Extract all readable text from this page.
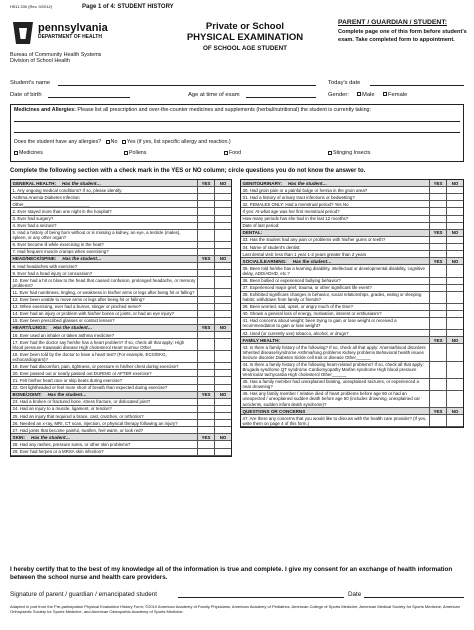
H511.330 (Rev. 9/2012)	Page 1 of 4: STUDENT HISTORY
pennsylvania
DEPARTMENT OF HEALTH
Bureau of Community Health Systems
Division of School Health
Private or School
PHYSICAL EXAMINATION
OF SCHOOL AGE STUDENT
PARENT / GUARDIAN / STUDENT:
Complete page one of this form before student's exam. Take completed form to appointment.
Student's name	Today's date
Date of birth	Age at time of exam	Gender:	Male	Female
Medicines and Allergies: Please list all prescription and over-the-counter medicines and supplements (herbal/nutritional) the student is currently taking:

Does the student have any allergies? No Yes (if yes, list specific allergy and reaction.)
Medicines	Pollens	Food	Stinging Insects
Complete the following section with a check mark in the YES or NO column; circle questions you do not know the answer to.
GENERAL HEALTH: Has the student…	YES	NO
1. Any ongoing medical conditions? If so, please identify:
Asthma Anemia Diabetes Infection
Other___________________________
2. Ever stayed more than one night in the hospital?
3. Ever had surgery?
4. Ever had a seizure?
5. Had a history of being born without or is missing a kidney, an eye, a testicle (males), spleen, or any other organ?
6. Ever become ill while exercising in the heat?
7. Had frequent muscle cramps when exercising?
HEAD/NECK/SPINE: Has the student…	YES	NO
8. Had headaches with exercise?
9. Ever had a head injury or concussion?
10. Ever had a hit or blow to the head that caused confusion, prolonged headache, or memory problems?
11. Ever had numbness, tingling, or weakness in his/her arms or legs after being hit or falling?
12. Ever been unable to move arms or legs after being hit or falling?
13. When exercising, ever had a burner, stinger or pinched nerve?
14. Ever had an injury or problem with his/her bones or joints, or had an eye injury?
15. Ever been prescribed glasses or contact lenses?
HEART/LUNGS: Has the student…	YES	NO
16. Ever used an inhaler or taken asthma medicine?
17. Ever had the doctor say he/she has a heart problem? If so, check all that apply: High blood pressure Kawasaki disease High cholesterol Heart murmur Other______
18. Ever been told by the doctor to have a heart test? (For example, ECG/EKG, echocardiogram)?
19. Ever had discomfort, pain, tightness, or pressure in his/her chest during exercise?
20. Ever passed out or nearly passed out DURING or AFTER exercise?
21. Felt his/her heart race or skip beats during exercise?
22. Get lightheaded or feel more short of breath than expected during exercise?
BONE/JOINT: Has the student…	YES	NO
23. Had a broken or fractured bone, stress fracture, or dislocated joint?
24. Had an injury to a muscle, ligament, or tendon?
25. Had an injury that required a brace, cast, crutches, or orthotics?
26. Needed an x-ray, MRI, CT scan, injection, or physical therapy following an injury?
27. Had joints that become painful, swollen, feel warm, or look red?
SKIN: Has the student…	YES	NO
28. Had any rashes, pressure sores, or other skin problems?
29. Ever had herpes or a MRSA skin infection?
GENITOURINARY: Has the student…	YES	NO
30. Had groin pain or a painful bulge or hernia in the groin area?
31. Had a history of urinary tract infections or bedwetting?
32. FEMALES ONLY: Had a menstrual period? Yes No
If yes: At what age was her first menstrual period?
How many periods has she had in the last 12 months?
Date of last period:
DENTAL:	YES	NO
33. Has the student had any pain or problems with his/her gums or teeth?
34. Name of student's dentist:
Last dental visit: less than 1 year 1-2 years greater than 2 years
SOCIAL/LEARNING: Has the student…	YES	NO
35. Been told he/she has a learning disability, intellectual or developmental disability, cognitive delay, ADD/ADHD, etc.?
36. Been bullied or experienced bullying behavior?
37. Experienced major grief, trauma, or other significant life event?
38. Exhibited significant changes in behavior, social relationships, grades, eating or sleeping habits; withdrawn from family or friends?
39. Been worried, sad, upset, or angry much of the time?
40. Shown a general loss of energy, motivation, interest or enthusiasm?
41. Had concerns about weight; been trying to gain or lose weight or received a recommendation to gain or lose weight?
42. Used (or currently use) tobacco, alcohol, or drugs?
FAMILY HEALTH:	YES	NO
43. Is there a family history of the following? If so, check all that apply: Anemia/blood disorders Inherited disease/syndrome Asthma/lung problems Kidney problems Behavioral health issues Seizure disorder Diabetes Sickle cell trait or disease Other______
44. Is there a family history of the following heart-related problems? If so, check all that apply: Brugada syndrome QT syndrome Cardiomyopathy Marfan syndrome High blood pressure Ventricular tachycardia High cholesterol Other______
45. Has a family member had unexplained fainting, unexplained seizures, or experienced a near drowning?
46. Has any family member / relative died of heart problems before age 50 or had an unexpected / unexplained sudden death before age 50 (includes drowning, unexplained car accidents, sudden infant death syndrome)?
QUESTIONS OR CONCERNS	YES	NO
47. Are there any concerns that you would like to discuss with the health care provider? (If yes, write them on page 4 of this form.)
I hereby certify that to the best of my knowledge all of the information is true and complete. I give my consent for an exchange of health information between the school nurse and health care providers.
Signature of parent / guardian / emancipated student	Date
Adapted in part from the Pre-participation Physical Evaluation History Form; ©2010 American Academy of Family Physicians, American Academy of Pediatrics, American College of Sports Medicine, American Medical Society for Sports Medicine, American Orthopaedic Society for Sports Medicine, and American Osteopathic Academy of Sports Medicine.
